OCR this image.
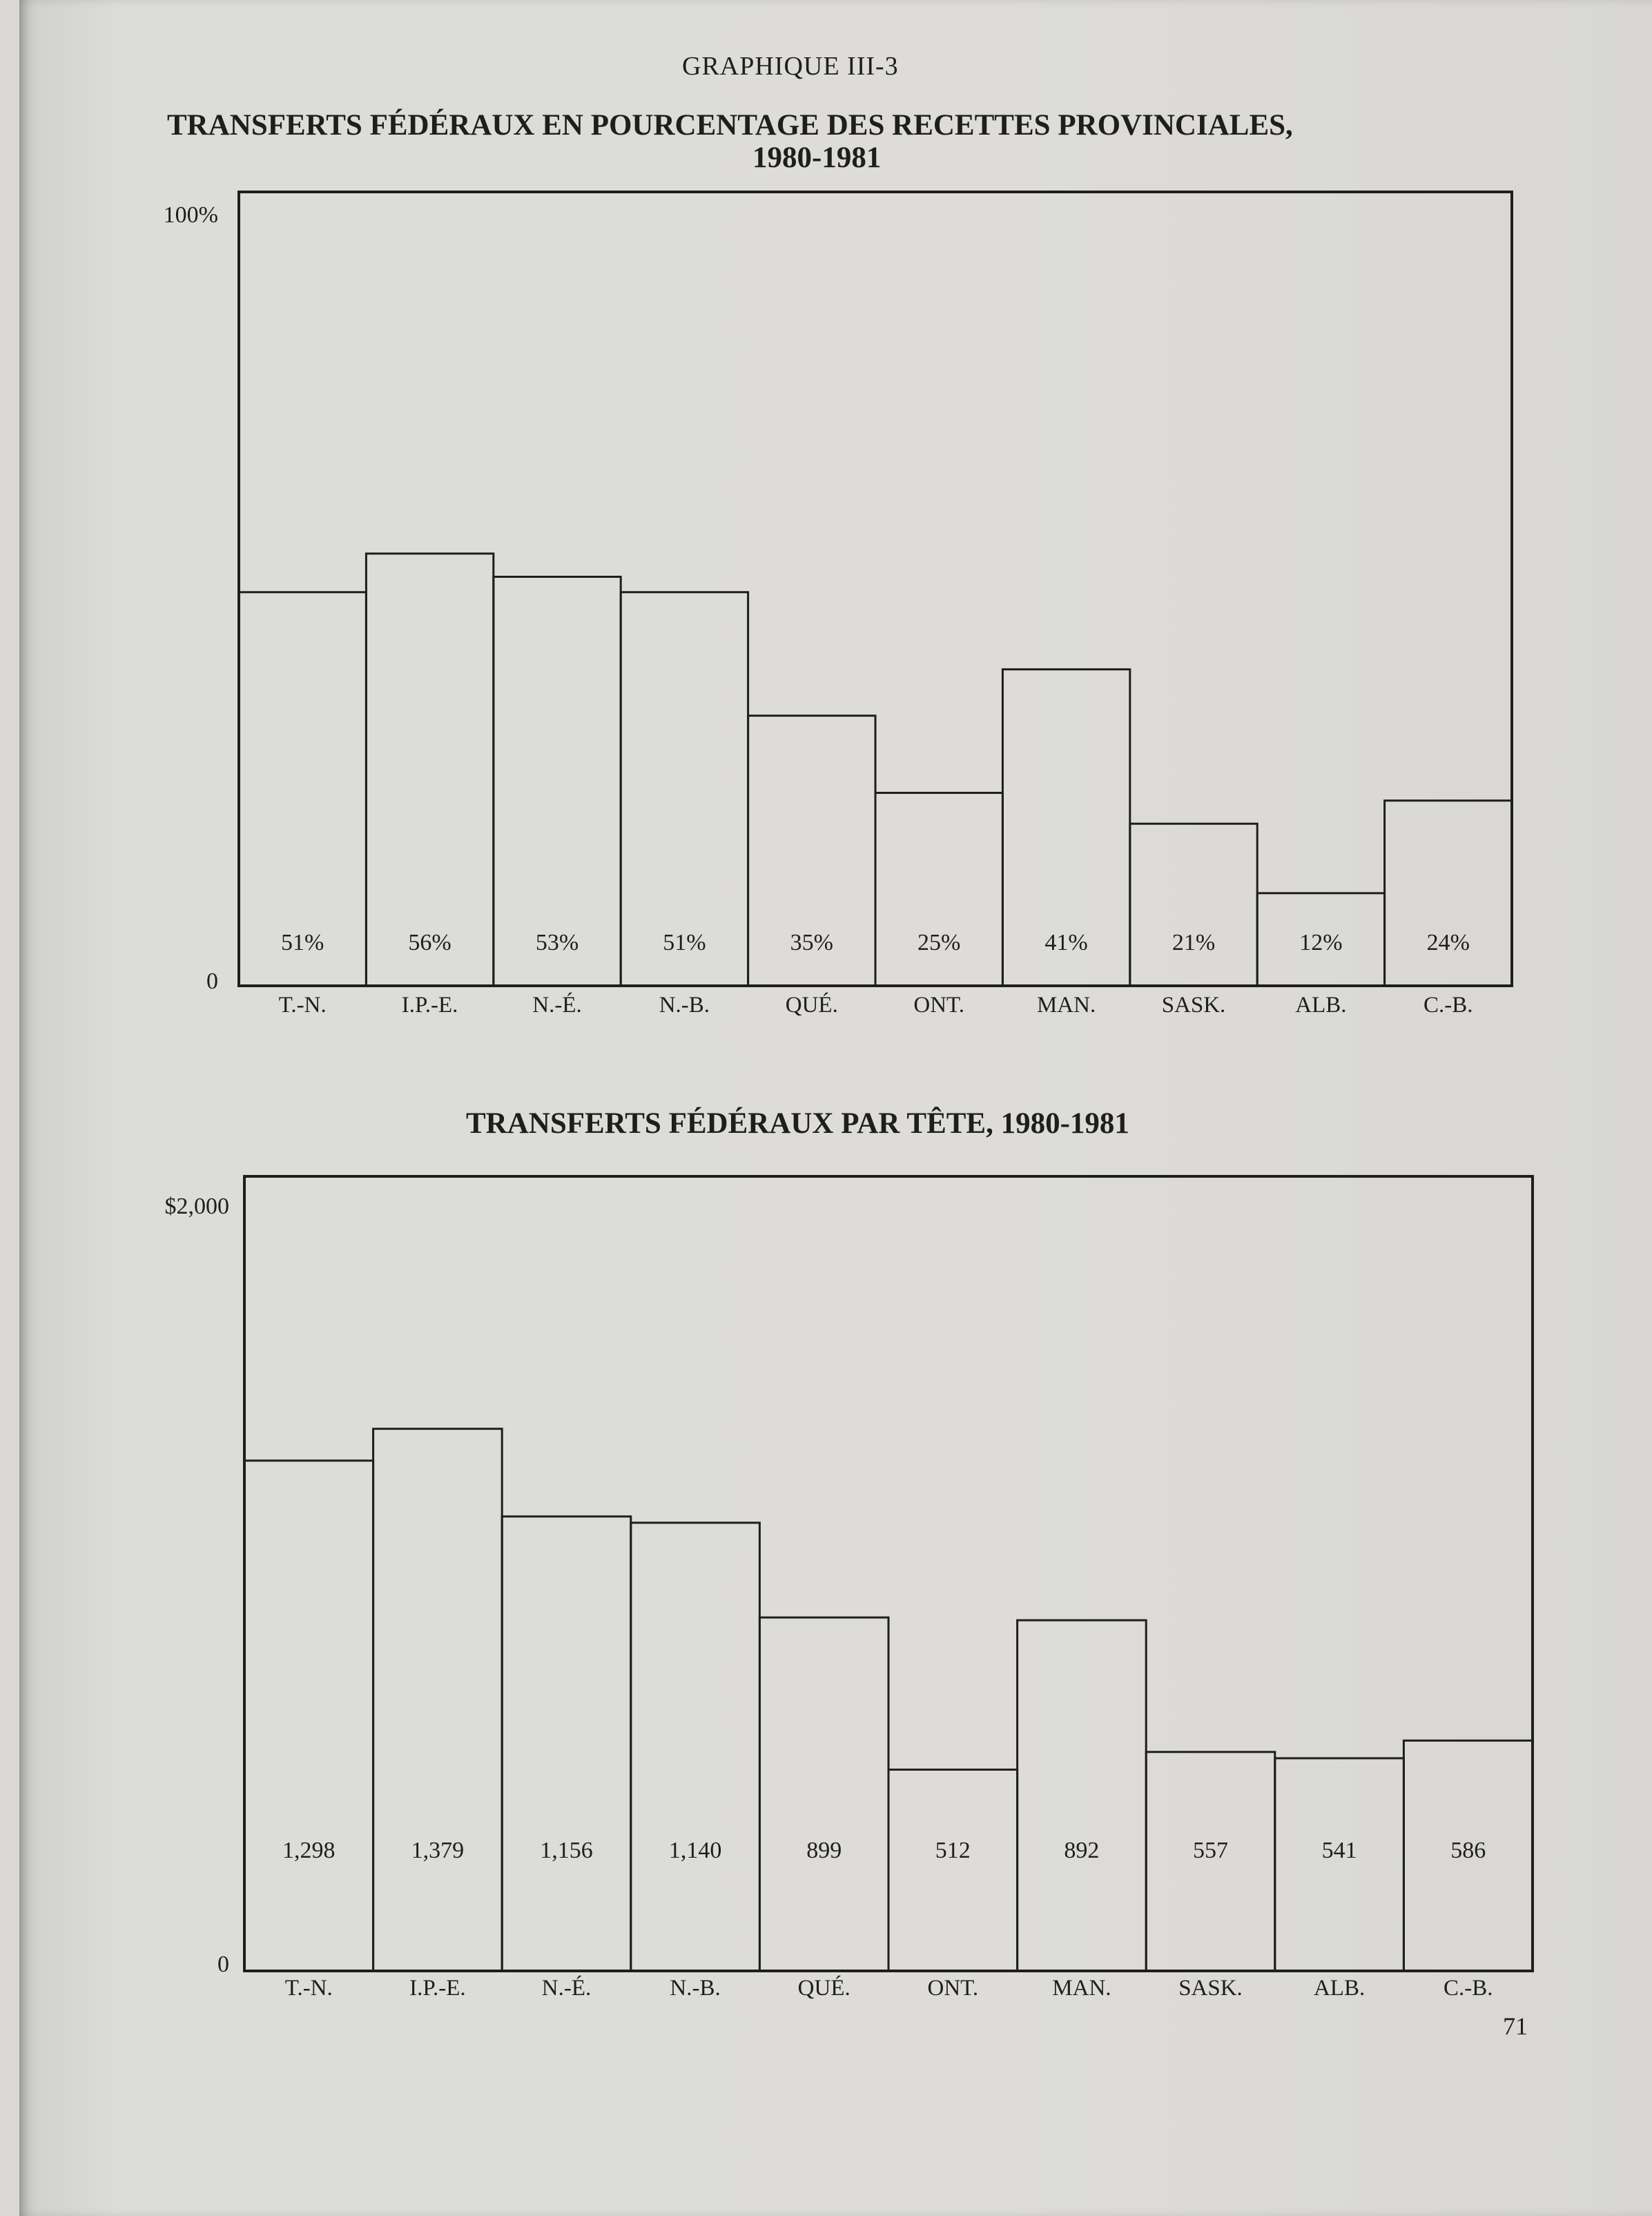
GRAPHIQUE III-3
TRANSFERTS FÉDÉRAUX EN POURCENTAGE DES RECETTES PROVINCIALES,
1980-1981
TRANSFERTS FÉDÉRAUX PAR TÊTE, 1980-1981
71
51%
T.-N.
56%
I.P.-E.
53%
N.-É.
51%
N.-B.
35%
QUÉ.
25%
ONT.
41%
MAN.
21%
SASK.
12%
ALB.
24%
C.-B.
0
100%
1,298
T.-N.
1,379
I.P.-E.
1,156
N.-É.
1,140
N.-B.
899
QUÉ.
512
ONT.
892
MAN.
557
SASK.
541
ALB.
586
C.-B.
0
$2,000
